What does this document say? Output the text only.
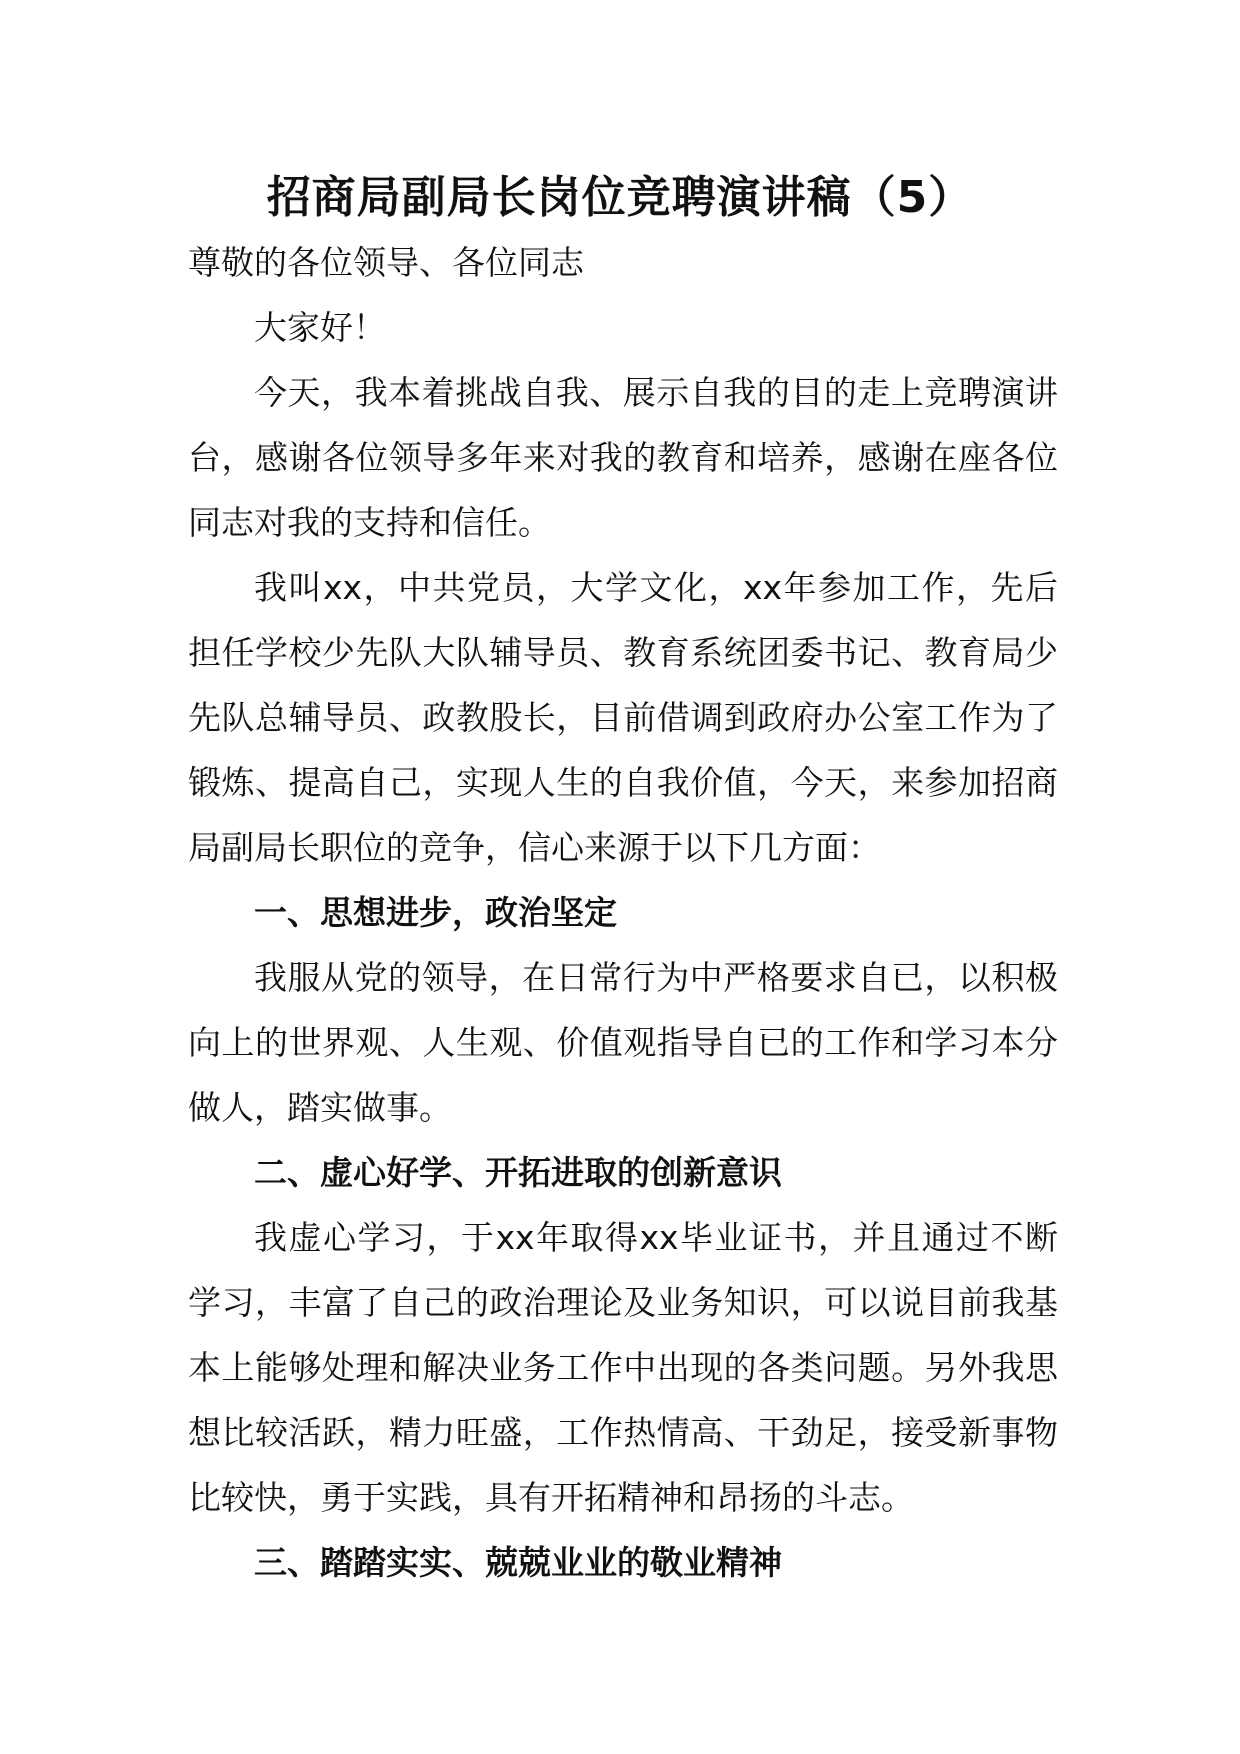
招商局副局长岗位竞聘演讲稿（5）

尊敬的各位领导、各位同志

大家好！

今天，我本着挑战自我、展示自我的目的走上竞聘演讲台，感谢各位领导多年来对我的教育和培养，感谢在座各位同志对我的支持和信任。

我叫xx，中共党员，大学文化，xx年参加工作，先后担任学校少先队大队辅导员、教育系统团委书记、教育局少先队总辅导员、政教股长，目前借调到政府办公室工作为了锻炼、提高自己，实现人生的自我价值，今天，来参加招商局副局长职位的竞争，信心来源于以下几方面：

一、思想进步，政治坚定

我服从党的领导，在日常行为中严格要求自已，以积极向上的世界观、人生观、价值观指导自已的工作和学习本分做人，踏实做事。

二、虚心好学、开拓进取的创新意识

我虚心学习，于xx年取得xx毕业证书，并且通过不断学习，丰富了自己的政治理论及业务知识，可以说目前我基本上能够处理和解决业务工作中出现的各类问题。另外我思想比较活跃，精力旺盛，工作热情高、干劲足，接受新事物比较快，勇于实践，具有开拓精神和昂扬的斗志。

三、踏踏实实、兢兢业业的敬业精神
